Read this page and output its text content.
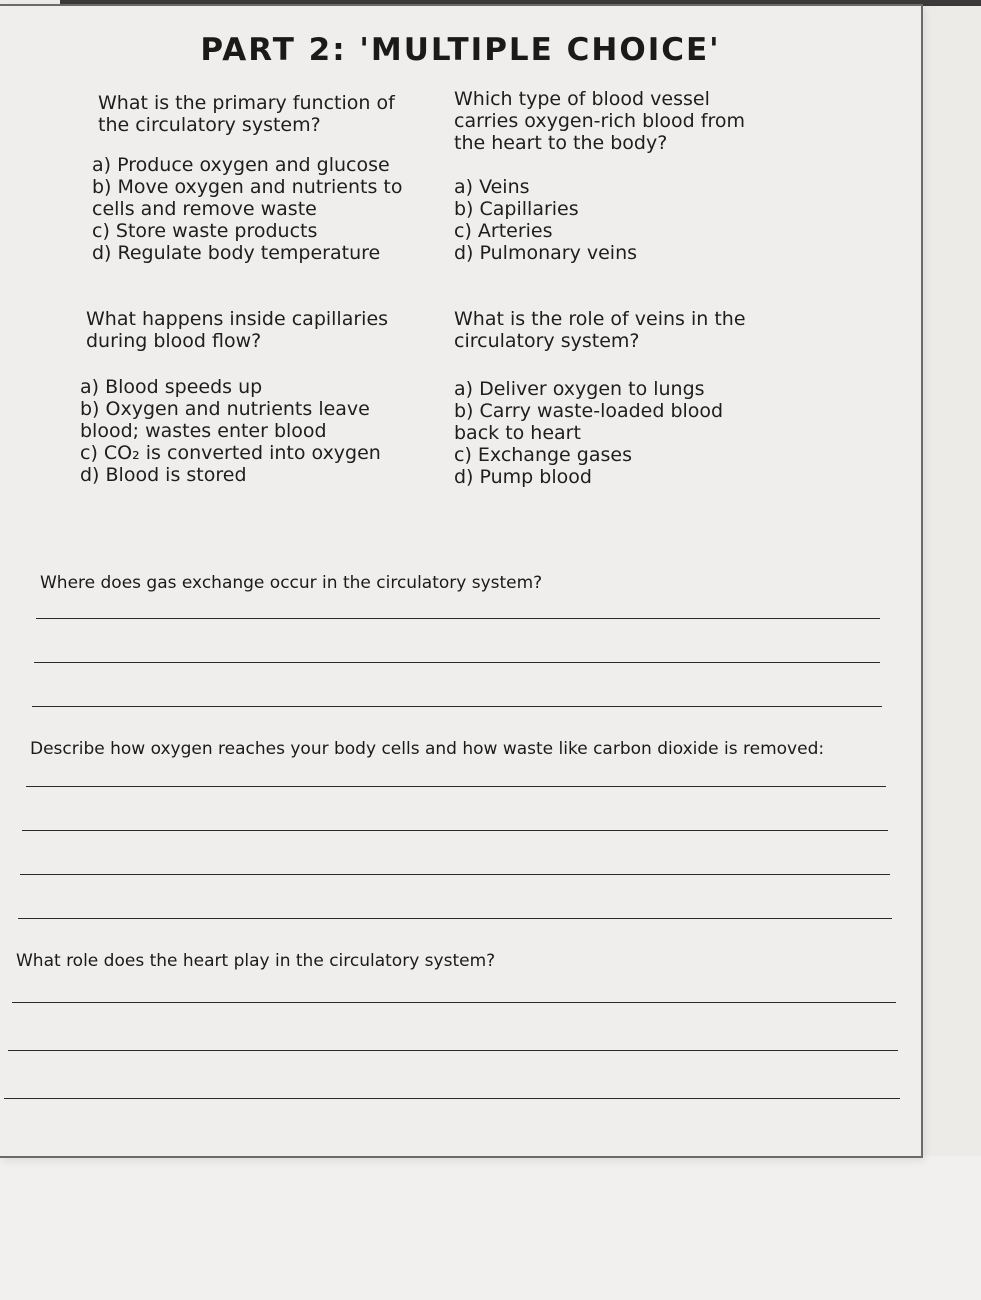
PART 2: 'MULTIPLE CHOICE'
What is the primary function of
the circulatory system?
a) Produce oxygen and glucose
b) Move oxygen and nutrients to
cells and remove waste
c) Store waste products
d) Regulate body temperature
Which type of blood vessel
carries oxygen-rich blood from
the heart to the body?
a) Veins
b) Capillaries
c) Arteries
d) Pulmonary veins
What happens inside capillaries
during blood flow?
a) Blood speeds up
b) Oxygen and nutrients leave
blood; wastes enter blood
c) CO₂ is converted into oxygen
d) Blood is stored
What is the role of veins in the
circulatory system?
a) Deliver oxygen to lungs
b) Carry waste-loaded blood
back to heart
c) Exchange gases
d) Pump blood
Where does gas exchange occur in the circulatory system?
Describe how oxygen reaches your body cells and how waste like carbon dioxide is removed:
What role does the heart play in the circulatory system?
